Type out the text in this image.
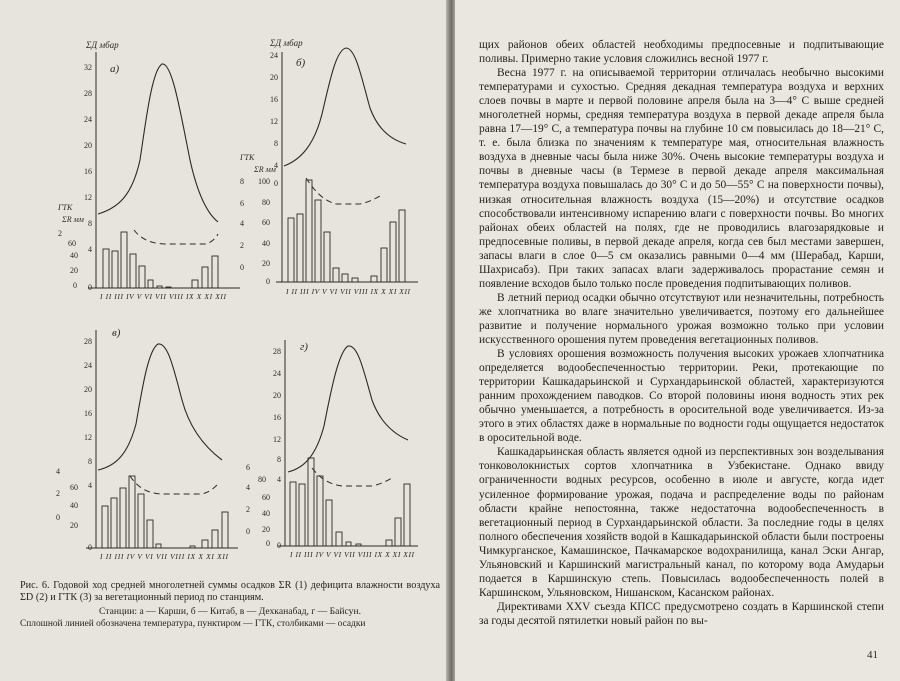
ΣД мбар
а)
32
28
24
20
16
12
8
4
0
ГТК
ΣR мм
2
60
40
20
0
I II III IV V VI VII VIII IX X XI XII
ΣД мбар
б)
24
20
16
12
8
4
0
ГТК
ΣR мм
8
6
4
2
0
100
80
60
40
20
0
I II III IV V VI VII VIII IX X XI XII
в)
28
24
20
16
12
8
4
0
4
2
0
60
40
20
I II III IV V VI VII VIII IX X XI XII
г)
28
24
20
16
12
8
4
0
6
4
2
0
80
60
40
20
0
I II III IV V VI VII VIII IX X XI XII
Рис. 6. Годовой ход средней многолетней суммы осадков ΣR (1) дефицита влажности воздуха ΣD (2) и ГТК (3) за вегетационный период по станциям.
Станции: а — Карши, б — Китаб, в — Дехканабад, г — Байсун.
Сплошной линией обозначена температура, пунктиром — ГТК, столбиками — осадки

щих районов обеих областей необходимы предпосевные и подпитывающие поливы. Примерно такие условия сложились весной 1977 г.

Весна 1977 г. на описываемой территории отличалась необычно высокими температурами и сухостью. Средняя декадная температура воздуха и верхних слоев почвы в марте и первой половине апреля была на 3—4° С выше средней многолетней нормы, средняя температура воздуха в первой декаде апреля была равна 17—19° С, а температура почвы на глубине 10 см повысилась до 18—21° С, т. е. была близка по значениям к температуре мая, относительная влажность воздуха в дневные часы была ниже 30%. Очень высокие температуры воздуха и почвы в дневные часы (в Термезе в первой декаде апреля максимальная температура воздуха повышалась до 30° С и до 50—55° С на поверхности почвы), низкая относительная влажность воздуха (15—20%) и отсутствие осадков способствовали интенсивному испарению влаги с поверхности почвы. Во многих районах обеих областей на полях, где не проводились влагозарядковые и предпосевные поливы, в первой декаде апреля, когда сев был местами завершен, запасы влаги в слое 0—5 см оказались равными 0—4 мм (Шерабад, Карши, Шахрисабз). При таких запасах влаги задерживалось прорастание семян и появление всходов было только после проведения подпитывающих поливов.

В летний период осадки обычно отсутствуют или незначительны, потребность же хлопчатника во влаге значительно увеличивается, поэтому его дальнейшее развитие и получение нормального урожая возможно только при условии искусственного орошения путем проведения вегетационных поливов.

В условиях орошения возможность получения высоких урожаев хлопчатника определяется водообеспеченностью территории. Реки, протекающие по территории Кашкадарьинской и Сурхандарьинской областей, характеризуются ранним прохождением паводков. Со второй половины июня водность этих рек обычно уменьшается, а потребность в оросительной воде увеличивается. Из-за этого в этих областях даже в нормальные по водности годы ощущается недостаток в оросительной воде.

Кашкадарьинская область является одной из перспективных зон возделывания тонковолокнистых сортов хлопчатника в Узбекистане. Однако ввиду ограниченности водных ресурсов, особенно в июле и августе, когда идет усиленное формирование урожая, подача и распределение воды по районам области крайне непостоянна, также недостаточна водообеспеченность в вегетационный период в Сурхандарьинской области. За последние годы в целях полного обеспечения хозяйств водой в Кашкадарьинской области были построены Чимкурганское, Камашинское, Пачкамарское водохранилища, канал Эски Ангар, Ульяновский и Каршинский магистральный канал, по которому вода Амударьи подается в Каршинскую степь. Повысилась водообеспеченность полей в Каршинском, Ульяновском, Нишанском, Касанском районах.

Директивами XXV съезда КПСС предусмотрено создать в Каршинской степи за годы десятой пятилетки новый район по вы-

41
